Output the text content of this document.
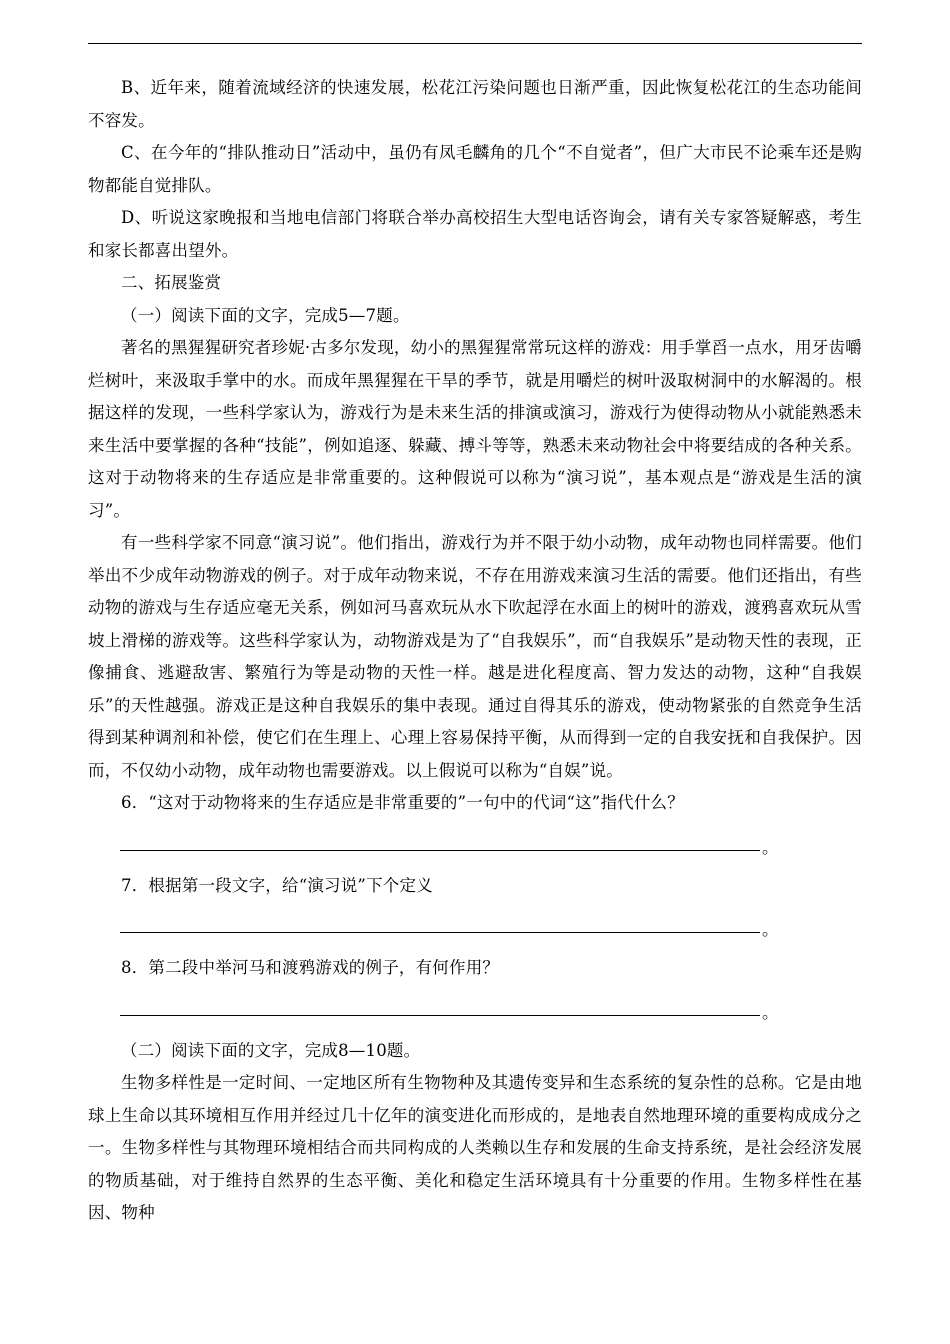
B、近年来，随着流域经济的快速发展，松花江污染问题也日渐严重，因此恢复松花江的生态功能间不容发。

C、在今年的“排队推动日”活动中，虽仍有凤毛麟角的几个“不自觉者”，但广大市民不论乘车还是购物都能自觉排队。

D、听说这家晚报和当地电信部门将联合举办高校招生大型电话咨询会，请有关专家答疑解惑，考生和家长都喜出望外。

二、拓展鉴赏

（一）阅读下面的文字，完成5—7题。

著名的黑猩猩研究者珍妮·古多尔发现，幼小的黑猩猩常常玩这样的游戏：用手掌舀一点水，用牙齿嚼烂树叶，来汲取手掌中的水。而成年黑猩猩在干旱的季节，就是用嚼烂的树叶汲取树洞中的水解渴的。根据这样的发现，一些科学家认为，游戏行为是未来生活的排演或演习，游戏行为使得动物从小就能熟悉未来生活中要掌握的各种“技能”，例如追逐、躲藏、搏斗等等，熟悉未来动物社会中将要结成的各种关系。这对于动物将来的生存适应是非常重要的。这种假说可以称为“演习说”，基本观点是“游戏是生活的演习”。

有一些科学家不同意“演习说”。他们指出，游戏行为并不限于幼小动物，成年动物也同样需要。他们举出不少成年动物游戏的例子。对于成年动物来说，不存在用游戏来演习生活的需要。他们还指出，有些动物的游戏与生存适应毫无关系，例如河马喜欢玩从水下吹起浮在水面上的树叶的游戏，渡鸦喜欢玩从雪坡上滑梯的游戏等。这些科学家认为，动物游戏是为了“自我娱乐”，而“自我娱乐”是动物天性的表现，正像捕食、逃避敌害、繁殖行为等是动物的天性一样。越是进化程度高、智力发达的动物，这种“自我娱乐”的天性越强。游戏正是这种自我娱乐的集中表现。通过自得其乐的游戏，使动物紧张的自然竞争生活得到某种调剂和补偿，使它们在生理上、心理上容易保持平衡，从而得到一定的自我安抚和自我保护。因而，不仅幼小动物，成年动物也需要游戏。以上假说可以称为“自娱”说。

6．“这对于动物将来的生存适应是非常重要的”一句中的代词“这”指代什么？

。

7．根据第一段文字，给“演习说”下个定义

。

8．第二段中举河马和渡鸦游戏的例子，有何作用？

。

（二）阅读下面的文字，完成8—10题。

生物多样性是一定时间、一定地区所有生物物种及其遗传变异和生态系统的复杂性的总称。它是由地球上生命以其环境相互作用并经过几十亿年的演变进化而形成的，是地表自然地理环境的重要构成成分之一。生物多样性与其物理环境相结合而共同构成的人类赖以生存和发展的生命支持系统，是社会经济发展的物质基础，对于维持自然界的生态平衡、美化和稳定生活环境具有十分重要的作用。生物多样性在基因、物种
